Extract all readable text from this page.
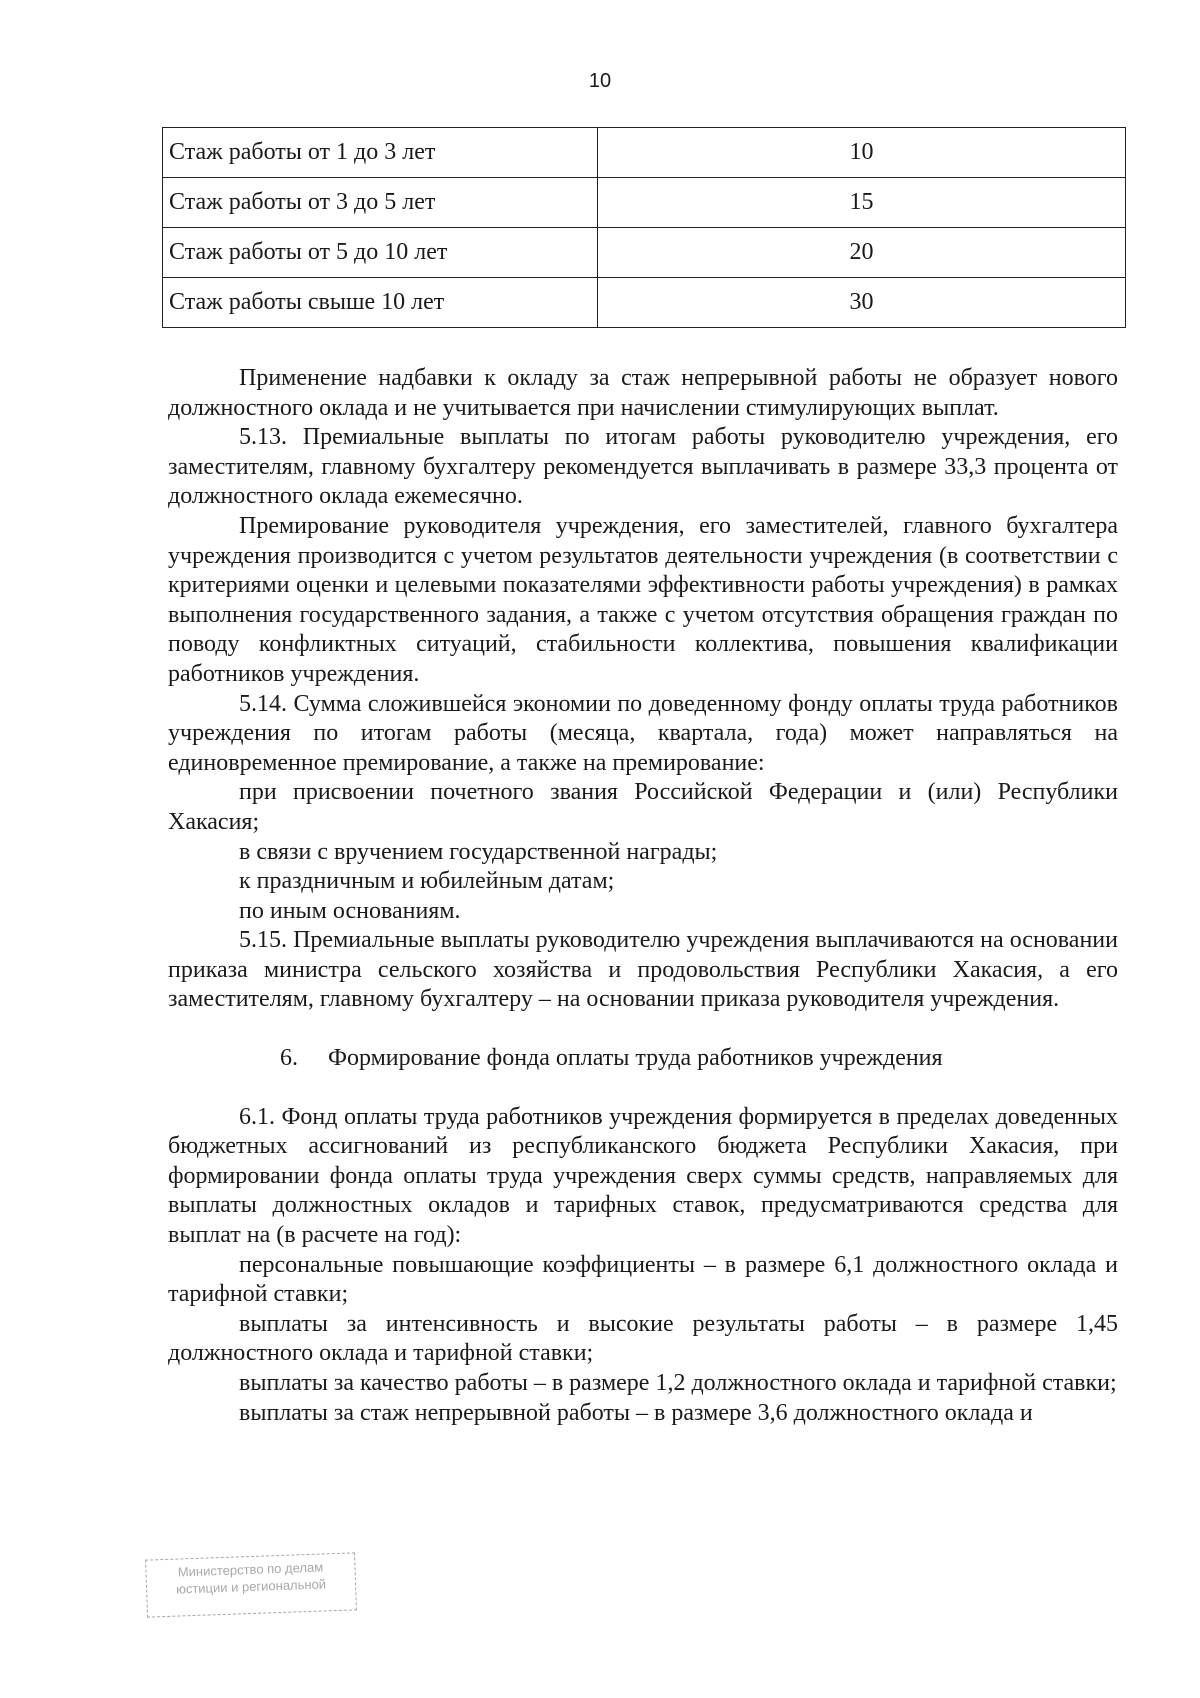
10
Стаж работы от 1 до 3 лет	10
Стаж работы от 3 до 5 лет	15
Стаж работы от 5 до 10 лет	20
Стаж работы свыше 10 лет	30

Применение надбавки к окладу за стаж непрерывной работы не образует нового должностного оклада и не учитывается при начислении стимулирующих выплат.

5.13. Премиальные выплаты по итогам работы руководителю учреждения, его заместителям, главному бухгалтеру рекомендуется выплачивать в размере 33,3 процента от должностного оклада ежемесячно.

Премирование руководителя учреждения, его заместителей, главного бухгалтера учреждения производится с учетом результатов деятельности учреждения (в соответствии с критериями оценки и целевыми показателями эффективности работы учреждения) в рамках выполнения государственного задания, а также с учетом отсутствия обращения граждан по поводу конфликтных ситуаций, стабильности коллектива, повышения квалификации работников учреждения.

5.14. Сумма сложившейся экономии по доведенному фонду оплаты труда работников учреждения по итогам работы (месяца, квартала, года) может направляться на единовременное премирование, а также на премирование:

при присвоении почетного звания Российской Федерации и (или) Республики Хакасия;

в связи с вручением государственной награды;

к праздничным и юбилейным датам;

по иным основаниям.

5.15. Премиальные выплаты руководителю учреждения выплачиваются на основании приказа министра сельского хозяйства и продовольствия Республики Хакасия, а его заместителям, главному бухгалтеру – на основании приказа руководителя учреждения.

6. Формирование фонда оплаты труда работников учреждения

6.1. Фонд оплаты труда работников учреждения формируется в пределах доведенных бюджетных ассигнований из республиканского бюджета Республики Хакасия, при формировании фонда оплаты труда учреждения сверх суммы средств, направляемых для выплаты должностных окладов и тарифных ставок, предусматриваются средства для выплат на (в расчете на год):

персональные повышающие коэффициенты – в размере 6,1 должностного оклада и тарифной ставки;

выплаты за интенсивность и высокие результаты работы – в размере 1,45 должностного оклада и тарифной ставки;

выплаты за качество работы – в размере 1,2 должностного оклада и тарифной ставки;

выплаты за стаж непрерывной работы – в размере 3,6 должностного оклада и

Министерство по делам
юстиции и региональной
